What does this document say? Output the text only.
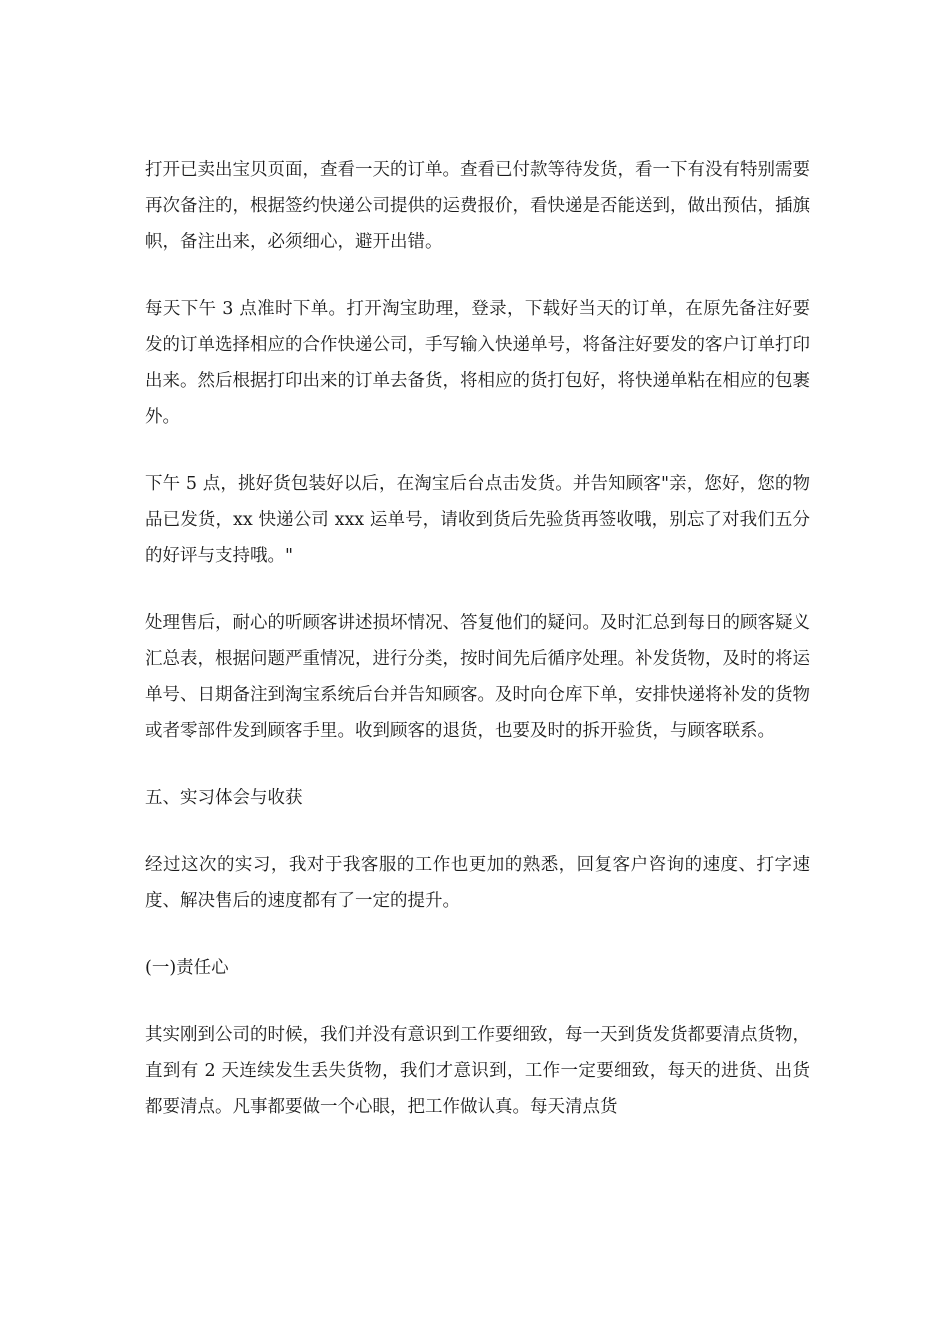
打开已卖出宝贝页面，查看一天的订单。查看已付款等待发货，看一下有没有特别需要再次备注的，根据签约快递公司提供的运费报价，看快递是否能送到，做出预估，插旗帜，备注出来，必须细心，避开出错。

每天下午 3 点准时下单。打开淘宝助理，登录，下载好当天的订单，在原先备注好要发的订单选择相应的合作快递公司，手写输入快递单号，将备注好要发的客户订单打印出来。然后根据打印出来的订单去备货，将相应的货打包好，将快递单粘在相应的包裹外。

下午 5 点，挑好货包装好以后，在淘宝后台点击发货。并告知顾客"亲，您好，您的物品已发货，xx 快递公司 xxx 运单号，请收到货后先验货再签收哦，别忘了对我们五分的好评与支持哦。"

处理售后，耐心的听顾客讲述损坏情况、答复他们的疑问。及时汇总到每日的顾客疑义汇总表，根据问题严重情况，进行分类，按时间先后循序处理。补发货物，及时的将运单号、日期备注到淘宝系统后台并告知顾客。及时向仓库下单，安排快递将补发的货物或者零部件发到顾客手里。收到顾客的退货，也要及时的拆开验货，与顾客联系。

五、实习体会与收获

经过这次的实习，我对于我客服的工作也更加的熟悉，回复客户咨询的速度、打字速度、解决售后的速度都有了一定的提升。

(一)责任心

其实刚到公司的时候，我们并没有意识到工作要细致，每一天到货发货都要清点货物，直到有 2 天连续发生丢失货物，我们才意识到，工作一定要细致，每天的进货、出货都要清点。凡事都要做一个心眼，把工作做认真。每天清点货
